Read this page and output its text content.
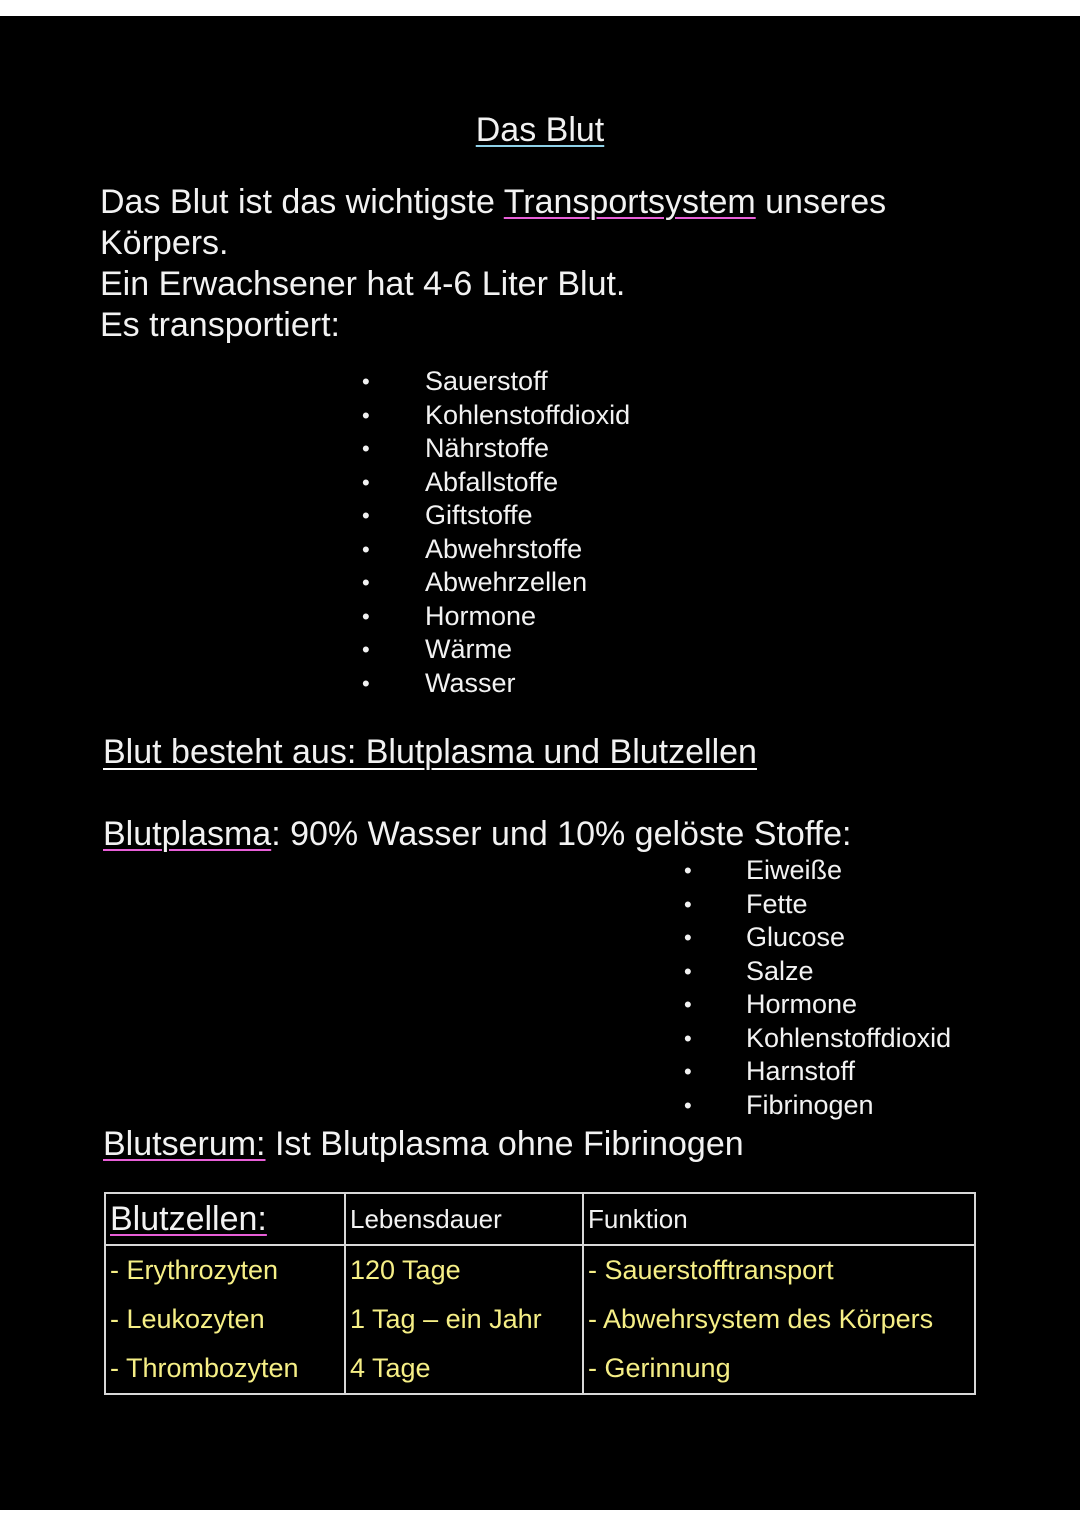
Das Blut

Das Blut ist das wichtigste Transportsystem unseres

Körpers.

Ein Erwachsener hat 4-6 Liter Blut.

Es transportiert:

• Sauerstoff
• Kohlenstoffdioxid
• Nährstoffe
• Abfallstoffe
• Giftstoffe
• Abwehrstoffe
• Abwehrzellen
• Hormone
• Wärme
• Wasser
Blut besteht aus: Blutplasma und Blutzellen
Blutplasma: 90% Wasser und 10% gelöste Stoffe:
• Eiweiße
• Fette
• Glucose
• Salze
• Hormone
• Kohlenstoffdioxid
• Harnstoff
• Fibrinogen
Blutserum: Ist Blutplasma ohne Fibrinogen
Blutzellen:	Lebensdauer	Funktion
- Erythrozyten	120 Tage	- Sauerstofftransport
- Leukozyten	1 Tag – ein Jahr	- Abwehrsystem des Körpers
- Thrombozyten	4 Tage	- Gerinnung
